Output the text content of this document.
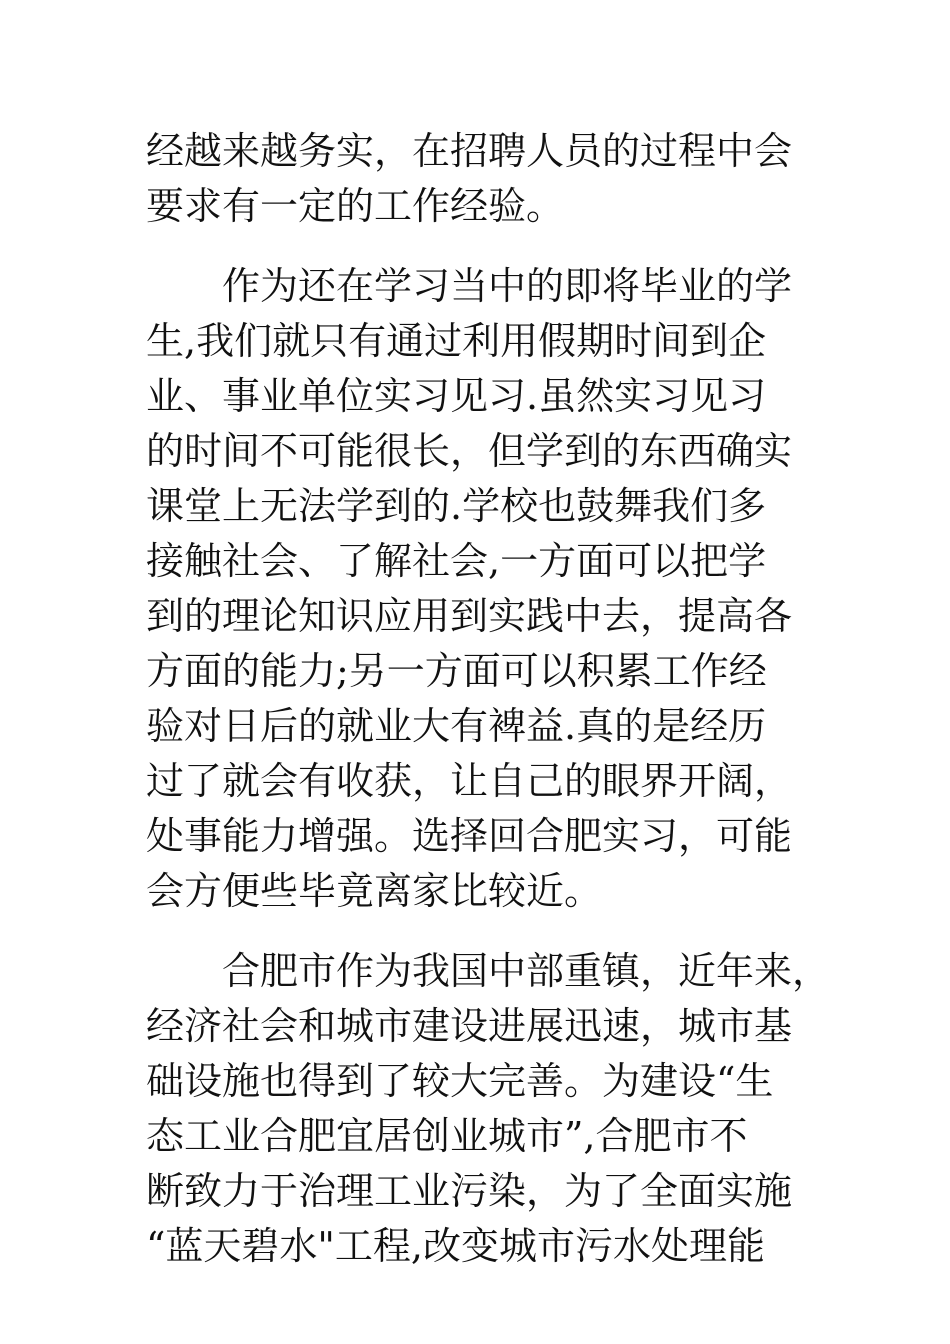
经越来越务实，在招聘人员的过程中会
要求有一定的工作经验。
　　作为还在学习当中的即将毕业的学
生,我们就只有通过利用假期时间到企
业、事业单位实习见习.虽然实习见习
的时间不可能很长，但学到的东西确实
课堂上无法学到的.学校也鼓舞我们多
接触社会、了解社会,一方面可以把学
到的理论知识应用到实践中去，提高各
方面的能力;另一方面可以积累工作经
验对日后的就业大有裨益.真的是经历
过了就会有收获，让自己的眼界开阔，
处事能力增强。选择回合肥实习，可能
会方便些毕竟离家比较近。
　　合肥市作为我国中部重镇，近年来，
经济社会和城市建设进展迅速，城市基
础设施也得到了较大完善。为建设“生
态工业合肥宜居创业城市”,合肥市不
断致力于治理工业污染，为了全面实施
“蓝天碧水"工程,改变城市污水处理能
